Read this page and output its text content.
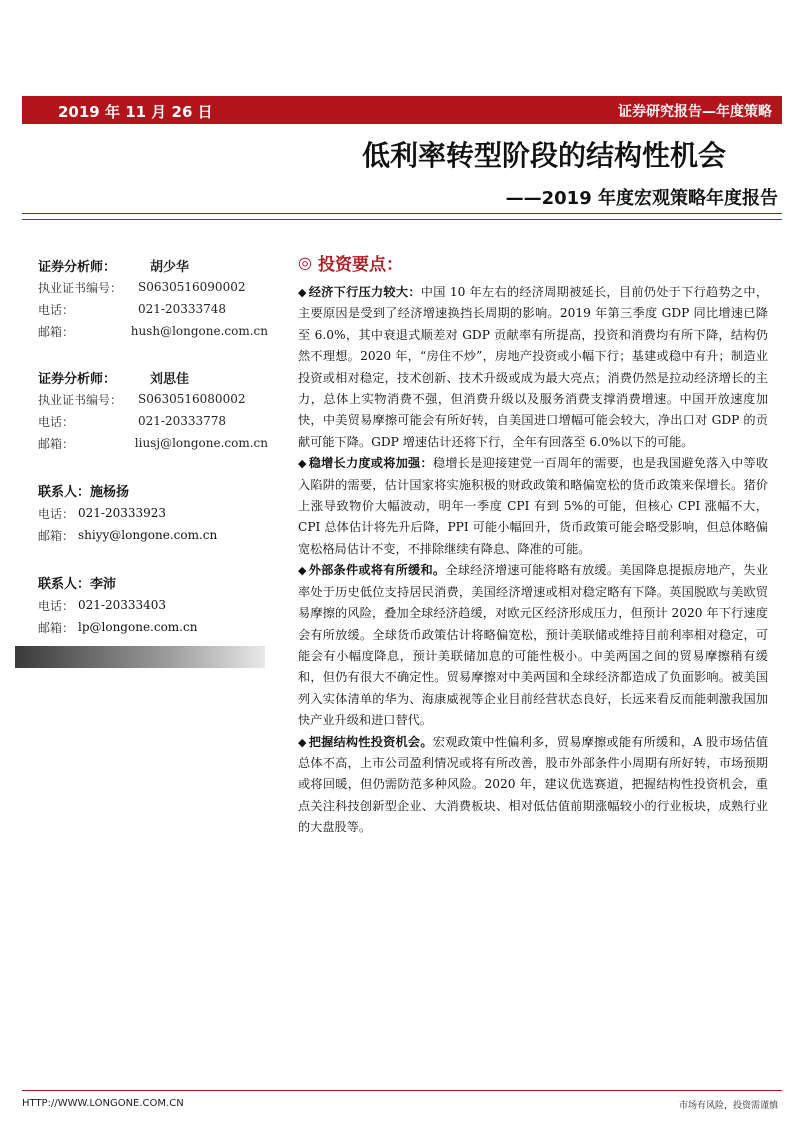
2019 年 11 月 26 日	证券研究报告—年度策略
低利率转型阶段的结构性机会
——2019 年度宏观策略年度报告
证券分析师：	胡少华
执业证书编号：	S0630516090002
电话：	021-20333748
邮箱：	hush@longone.com.cn
证券分析师：	刘思佳
执业证书编号：	S0630516080002
电话：	021-20333778
邮箱：	liusj@longone.com.cn
联系人：施杨扬
电话： 021-20333923
邮箱： shiyy@longone.com.cn
联系人：李沛
电话： 021-20333403
邮箱： lp@longone.com.cn
◎ 投资要点：

◆ 经济下行压力较大：中国 10 年左右的经济周期被延长，目前仍处于下行趋势之中，主要原因是受到了经济增速换挡长周期的影响。2019 年第三季度 GDP 同比增速已降至 6.0%，其中衰退式顺差对 GDP 贡献率有所提高，投资和消费均有所下降，结构仍然不理想。2020 年，“房住不炒”，房地产投资或小幅下行；基建或稳中有升；制造业投资或相对稳定，技术创新、技术升级或成为最大亮点；消费仍然是拉动经济增长的主力，总体上实物消费不强，但消费升级以及服务消费支撑消费增速。中国开放速度加快，中美贸易摩擦可能会有所好转，自美国进口增幅可能会较大，净出口对 GDP 的贡献可能下降。GDP 增速估计还将下行，全年有回落至 6.0%以下的可能。

◆ 稳增长力度或将加强：稳增长是迎接建党一百周年的需要，也是我国避免落入中等收入陷阱的需要，估计国家将实施积极的财政政策和略偏宽松的货币政策来保增长。猪价上涨导致物价大幅波动，明年一季度 CPI 有到 5%的可能，但核心 CPI 涨幅不大，CPI 总体估计将先升后降，PPI 可能小幅回升，货币政策可能会略受影响，但总体略偏宽松格局估计不变，不排除继续有降息、降准的可能。

◆ 外部条件或将有所缓和。全球经济增速可能将略有放缓。美国降息提振房地产，失业率处于历史低位支持居民消费，美国经济增速或相对稳定略有下降。英国脱欧与美欧贸易摩擦的风险，叠加全球经济趋缓，对欧元区经济形成压力，但预计 2020 年下行速度会有所放缓。全球货币政策估计将略偏宽松，预计美联储或维持目前利率相对稳定，可能会有小幅度降息，预计美联储加息的可能性极小。中美两国之间的贸易摩擦稍有缓和，但仍有很大不确定性。贸易摩擦对中美两国和全球经济都造成了负面影响。被美国列入实体清单的华为、海康威视等企业目前经营状态良好，长远来看反而能刺激我国加快产业升级和进口替代。

◆ 把握结构性投资机会。宏观政策中性偏利多，贸易摩擦或能有所缓和，A 股市场估值总体不高，上市公司盈利情况或将有所改善，股市外部条件小周期有所好转，市场预期或将回暖，但仍需防范多种风险。2020 年，建议优选赛道，把握结构性投资机会，重点关注科技创新型企业、大消费板块、相对低估值前期涨幅较小的行业板块，成熟行业的大盘股等。

HTTP://WWW.LONGONE.COM.CN	市场有风险，投资需谨慎
